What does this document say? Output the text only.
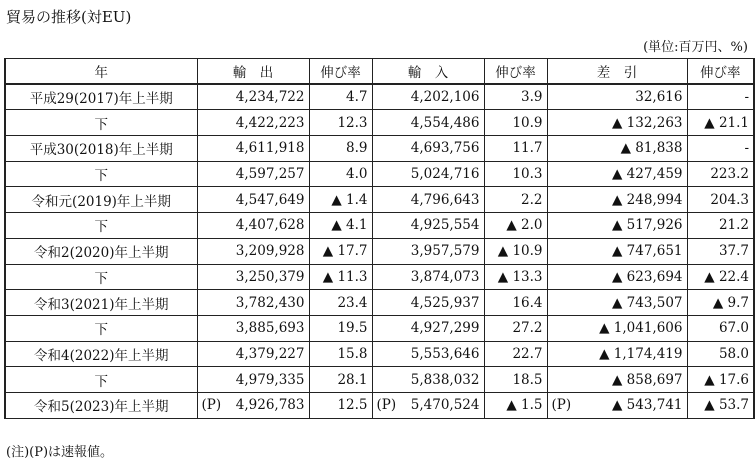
貿易の推移(対EU)
(単位:百万円、%)
年	輸　出	伸び率	輸　入	伸び率	差　引	伸び率
平成29(2017)年上半期	4,234,722	4.7	4,202,106	3.9	32,616	-
下	4,422,223	12.3	4,554,486	10.9	▲ 132,263	▲ 21.1
平成30(2018)年上半期	4,611,918	8.9	4,693,756	11.7	▲ 81,838	-
下	4,597,257	4.0	5,024,716	10.3	▲ 427,459	223.2
令和元(2019)年上半期	4,547,649	▲ 1.4	4,796,643	2.2	▲ 248,994	204.3
下	4,407,628	▲ 4.1	4,925,554	▲ 2.0	▲ 517,926	21.2
令和2(2020)年上半期	3,209,928	▲ 17.7	3,957,579	▲ 10.9	▲ 747,651	37.7
下	3,250,379	▲ 11.3	3,874,073	▲ 13.3	▲ 623,694	▲ 22.4
令和3(2021)年上半期	3,782,430	23.4	4,525,937	16.4	▲ 743,507	▲ 9.7
下	3,885,693	19.5	4,927,299	27.2	▲ 1,041,606	67.0
令和4(2022)年上半期	4,379,227	15.8	5,553,646	22.7	▲ 1,174,419	58.0
下	4,979,335	28.1	5,838,032	18.5	▲ 858,697	▲ 17.6
令和5(2023)年上半期	(P) 4,926,783	12.5	(P) 5,470,524	▲ 1.5	(P) ▲ 543,741	▲ 53.7
(注)(P)は速報値。
